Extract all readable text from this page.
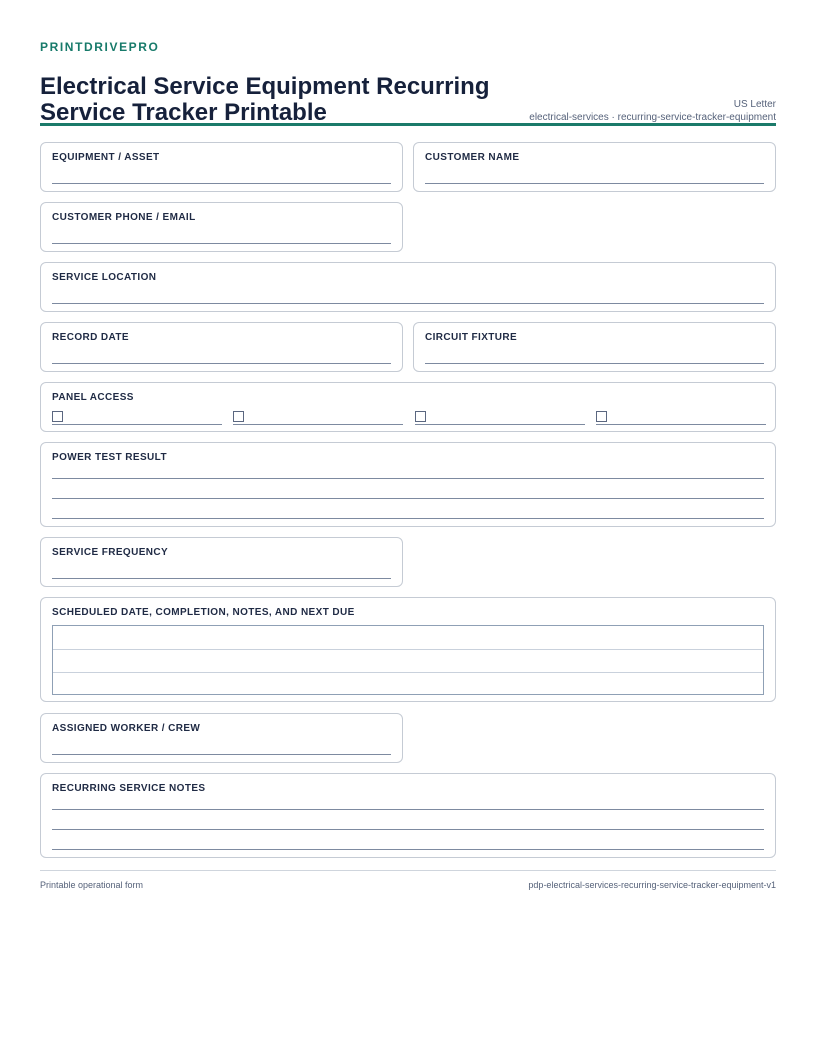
PRINTDRIVEPRO
Electrical Service Equipment Recurring
Service Tracker Printable	US Letter
electrical-services · recurring-service-tracker-equipment
EQUIPMENT / ASSET	CUSTOMER NAME
CUSTOMER PHONE / EMAIL
SERVICE LOCATION
RECORD DATE	CIRCUIT FIXTURE
PANEL ACCESS
POWER TEST RESULT
SERVICE FREQUENCY
SCHEDULED DATE, COMPLETION, NOTES, AND NEXT DUE
ASSIGNED WORKER / CREW
RECURRING SERVICE NOTES
Printable operational form	pdp-electrical-services-recurring-service-tracker-equipment-v1
